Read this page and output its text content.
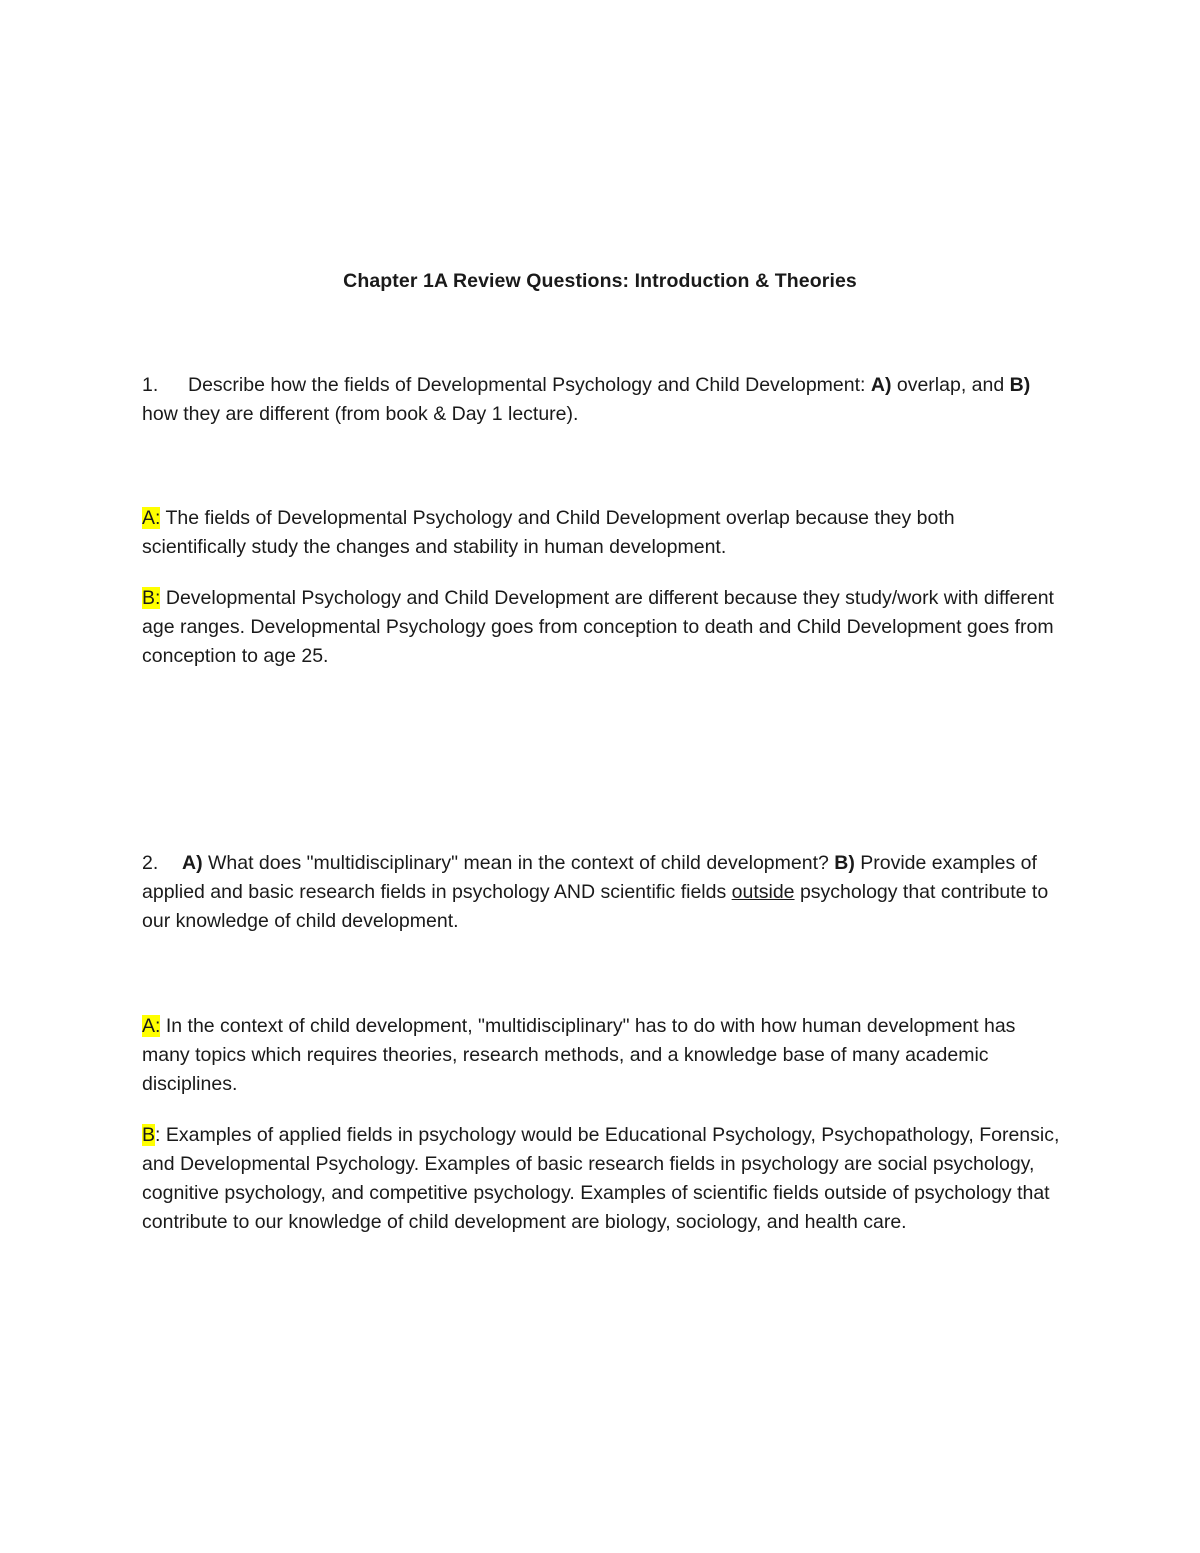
Chapter 1A Review Questions: Introduction & Theories
1. Describe how the fields of Developmental Psychology and Child Development: A) overlap, and B) how they are different (from book & Day 1 lecture).
A: The fields of Developmental Psychology and Child Development overlap because they both scientifically study the changes and stability in human development.
B: Developmental Psychology and Child Development are different because they study/work with different age ranges. Developmental Psychology goes from conception to death and Child Development goes from conception to age 25.
2. A) What does "multidisciplinary" mean in the context of child development? B) Provide examples of applied and basic research fields in psychology AND scientific fields outside psychology that contribute to our knowledge of child development.
A: In the context of child development, "multidisciplinary" has to do with how human development has many topics which requires theories, research methods, and a knowledge base of many academic disciplines.
B: Examples of applied fields in psychology would be Educational Psychology, Psychopathology, Forensic, and Developmental Psychology. Examples of basic research fields in psychology are social psychology, cognitive psychology, and competitive psychology. Examples of scientific fields outside of psychology that contribute to our knowledge of child development are biology, sociology, and health care.
